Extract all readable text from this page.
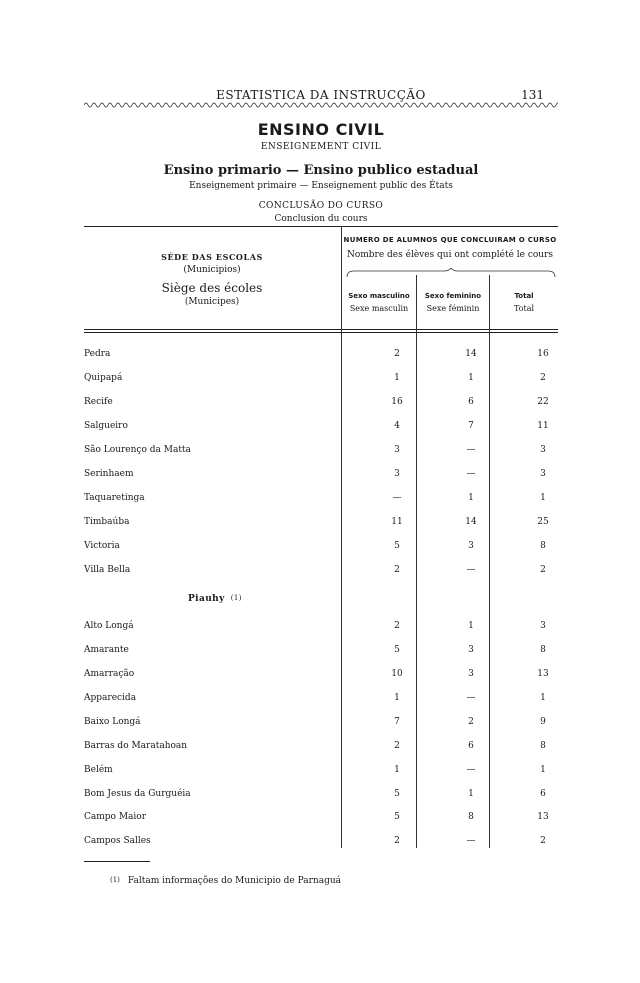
ESTATISTICA DA INSTRUCÇÃO	131
ENSINO CIVIL
ENSEIGNEMENT CIVIL
Ensino primario — Ensino publico estadual
Enseignement primaire — Enseignement public des États
CONCLUSÃO DO CURSO
Conclusion du cours
SÉDE DAS ESCOLAS
(Municipios)
Siège des écoles
(Municipes)
NUMERO DE ALUMNOS QUE CONCLUIRAM O CURSO
Nombre des élèves qui ont complété le cours
Sexo masculino
Sexe masculin
Sexo feminino
Sexe féminin
Total
Total
Pedra	2	14	16
Quipapá	1	1	2
Recife	16	6	22
Salgueiro	4	7	11
São Lourenço da Matta	3	—	3
Serinhaem	3	—	3
Taquaretinga	—	1	1
Timbaúba	11	14	25
Victoria	5	3	8
Villa Bella	2	—	2
Piauhy $^{(1)}$
Alto Longá	2	1	3
Amarante	5	3	8
Amarração	10	3	13
Apparecida	1	—	1
Baixo Longá	7	2	9
Barras do Maratahoan	2	6	8
Belém	1	—	1
Bom Jesus da Gurguéia	5	1	6
Campo Maior	5	8	13
Campos Salles	2	—	2
$^{(1)}$ Faltam informações do Municipio de Parnaguá
